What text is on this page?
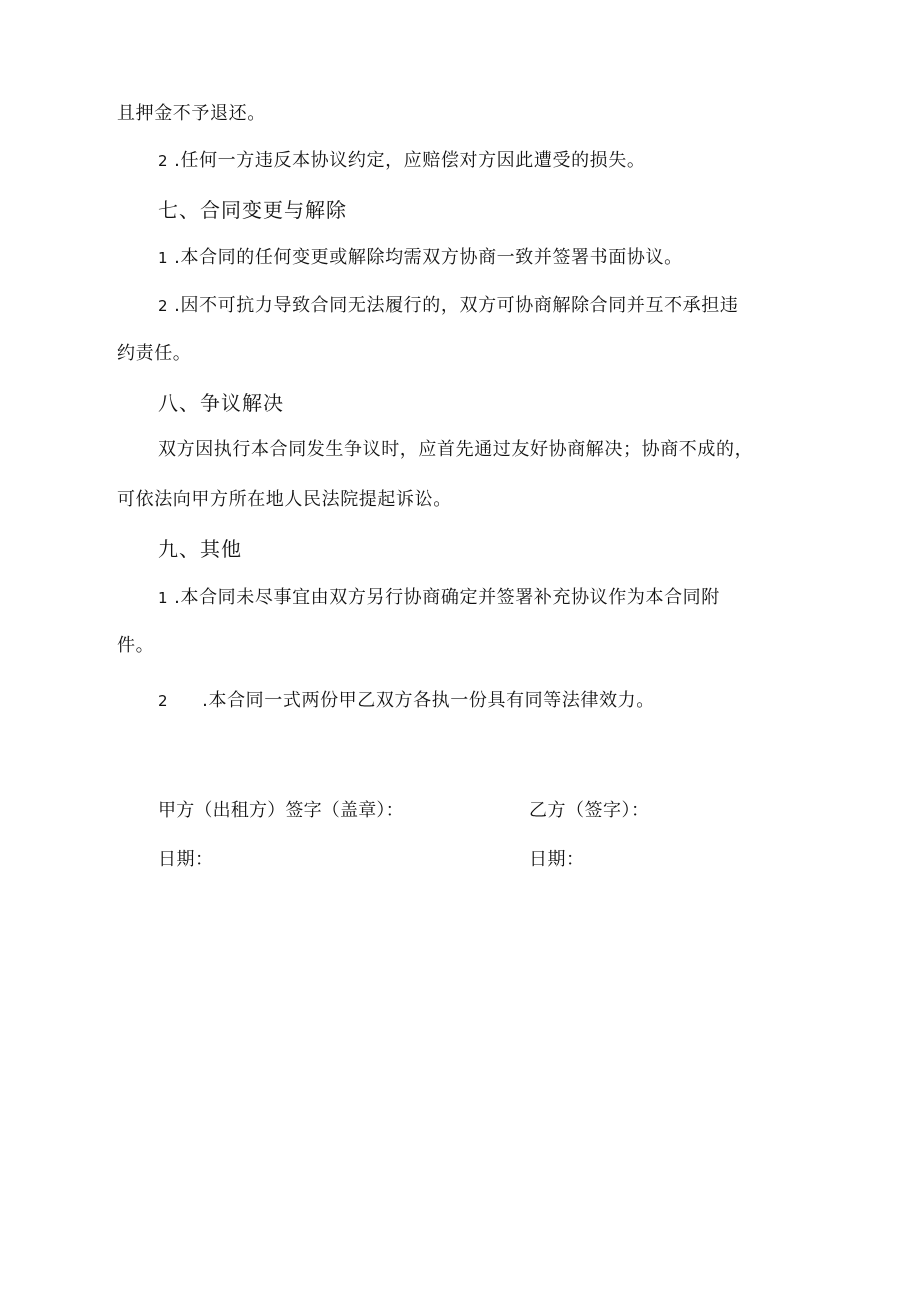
且押金不予退还。
2 .任何一方违反本协议约定，应赔偿对方因此遭受的损失。
七、合同变更与解除
1 .本合同的任何变更或解除均需双方协商一致并签署书面协议。
2 .因不可抗力导致合同无法履行的，双方可协商解除合同并互不承担违
约责任。
八、争议解决
双方因执行本合同发生争议时，应首先通过友好协商解决；协商不成的，
可依法向甲方所在地人民法院提起诉讼。
九、其他
1 .本合同未尽事宜由双方另行协商确定并签署补充协议作为本合同附
件。
2 .本合同一式两份甲乙双方各执一份具有同等法律效力。
甲方（出租方）签字（盖章）：	乙方（签字）：
日期：	日期：
